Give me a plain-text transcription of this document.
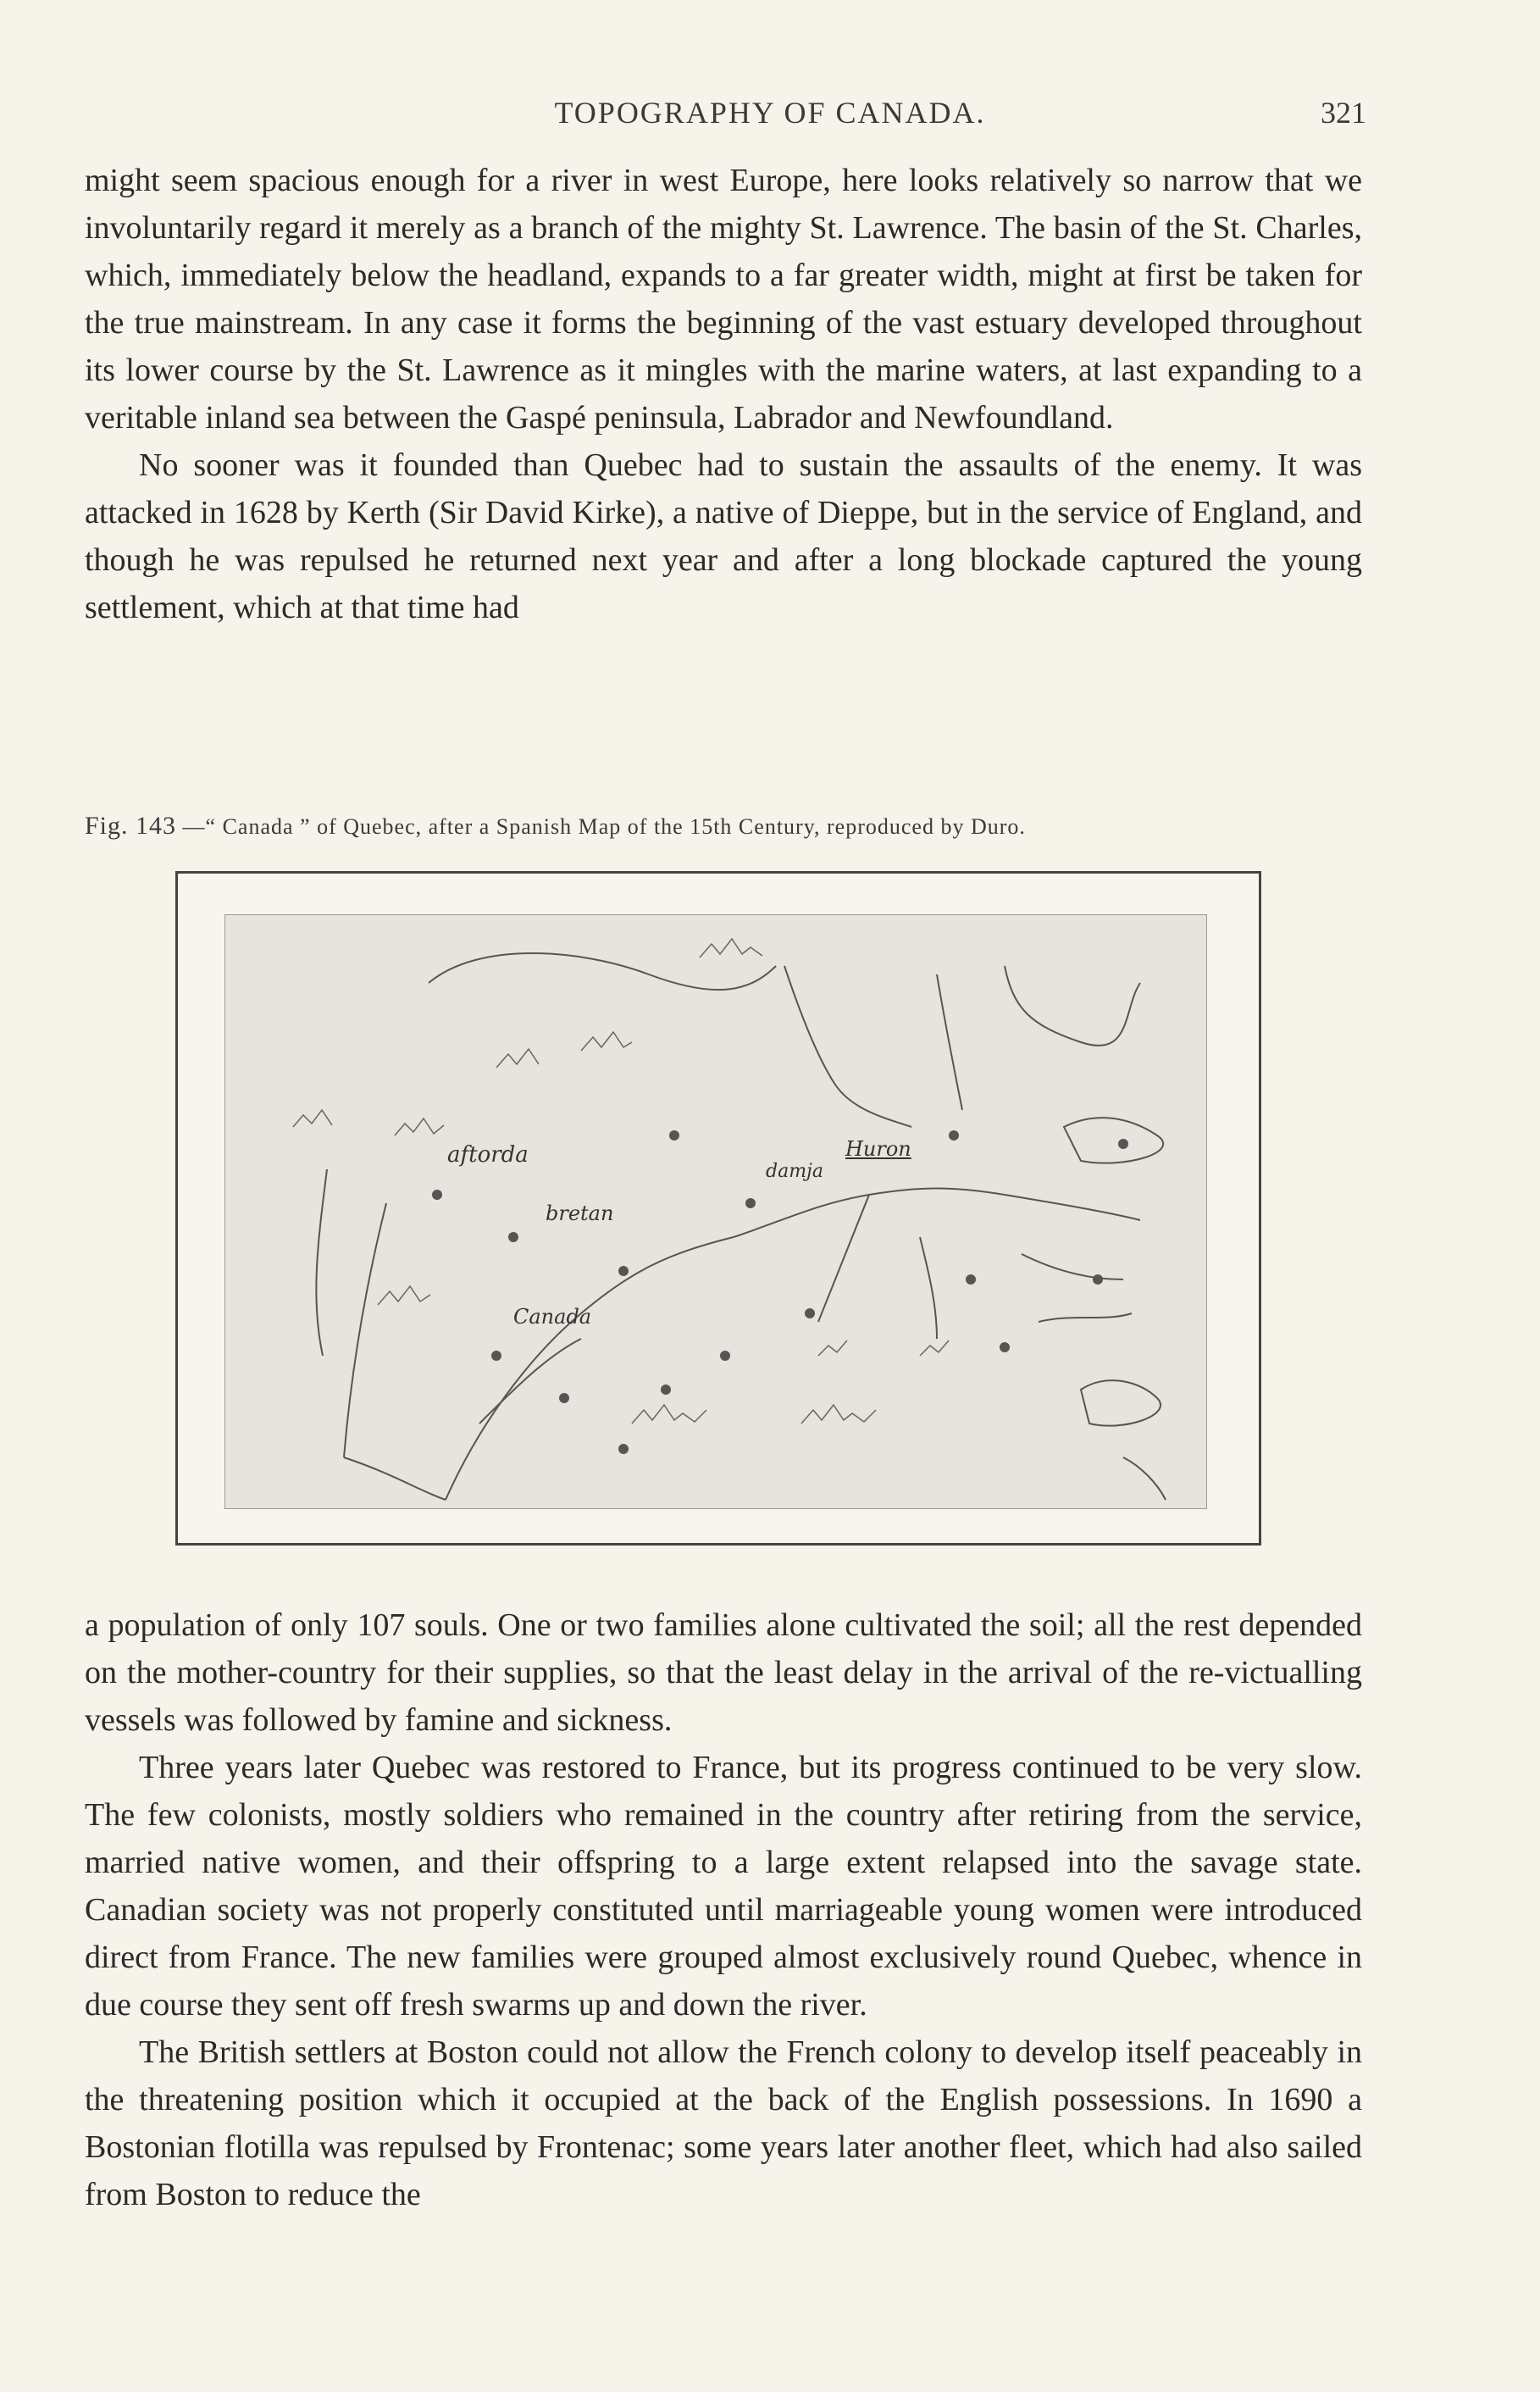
TOPOGRAPHY OF CANADA.	321

might seem spacious enough for a river in west Europe, here looks relatively so narrow that we involuntarily regard it merely as a branch of the mighty St. Lawrence. The basin of the St. Charles, which, immediately below the headland, expands to a far greater width, might at first be taken for the true mainstream. In any case it forms the beginning of the vast estuary developed throughout its lower course by the St. Lawrence as it mingles with the marine waters, at last expanding to a veritable inland sea between the Gaspé peninsula, Labrador and Newfoundland.

No sooner was it founded than Quebec had to sustain the assaults of the enemy. It was attacked in 1628 by Kerth (Sir David Kirke), a native of Dieppe, but in the service of England, and though he was repulsed he returned next year and after a long blockade captured the young settlement, which at that time had

Fig. 143 —“ Canada ” of Quebec, after a Spanish Map of the 15th Century, reproduced by Duro.
aftorda
bretan
Canada
Huron
damja

a population of only 107 souls. One or two families alone cultivated the soil; all the rest depended on the mother-country for their supplies, so that the least delay in the arrival of the re-victualling vessels was followed by famine and sickness.

Three years later Quebec was restored to France, but its progress continued to be very slow. The few colonists, mostly soldiers who remained in the country after retiring from the service, married native women, and their offspring to a large extent relapsed into the savage state. Canadian society was not properly constituted until marriageable young women were introduced direct from France. The new families were grouped almost exclusively round Quebec, whence in due course they sent off fresh swarms up and down the river.

The British settlers at Boston could not allow the French colony to develop itself peaceably in the threatening position which it occupied at the back of the English possessions. In 1690 a Bostonian flotilla was repulsed by Frontenac; some years later another fleet, which had also sailed from Boston to reduce the
